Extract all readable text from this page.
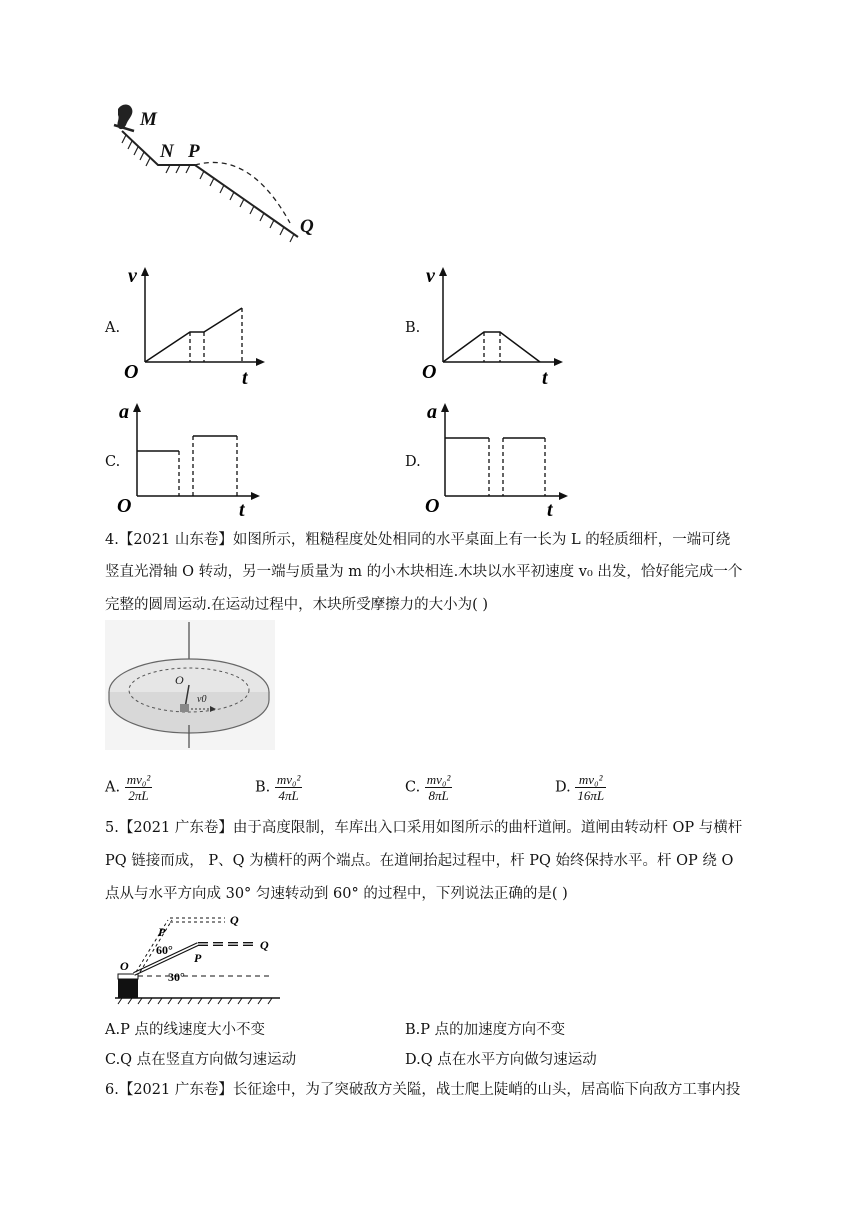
M
N P
Q
A.
v
O	t
B.
v
O	t
C.
a
O	t
D.
a
O	t
4.【2021 山东卷】如图所示，粗糙程度处处相同的水平桌面上有一长为 L 的轻质细杆，一端可绕
竖直光滑轴 O 转动，另一端与质量为 m 的小木块相连.木块以水平初速度 v₀ 出发，恰好能完成一个
完整的圆周运动.在运动过程中，木块所受摩擦力的大小为( )
O
v0
A. $\frac{\text{mv₀²}}{2\pi L}$	B. $\frac{\text{mv₀²}}{4\pi L}$	C. $\frac{\text{mv₀²}}{8\pi L}$	D. $\frac{\text{mv₀²}}{16\pi L}$
5.【2021 广东卷】由于高度限制，车库出入口采用如图所示的曲杆道闸。道闸由转动杆 OP 与横杆
PQ 链接而成， P、Q 为横杆的两个端点。在道闸抬起过程中，杆 PQ 始终保持水平。杆 OP 绕 O
点从与水平方向成 30° 匀速转动到 60° 的过程中，下列说法正确的是( )
Q
P
60°
O
P
30°
Q
A.P 点的线速度大小不变	B.P 点的加速度方向不变
C.Q 点在竖直方向做匀速运动	D.Q 点在水平方向做匀速运动
6.【2021 广东卷】长征途中，为了突破敌方关隘，战士爬上陡峭的山头，居高临下向敌方工事内投
